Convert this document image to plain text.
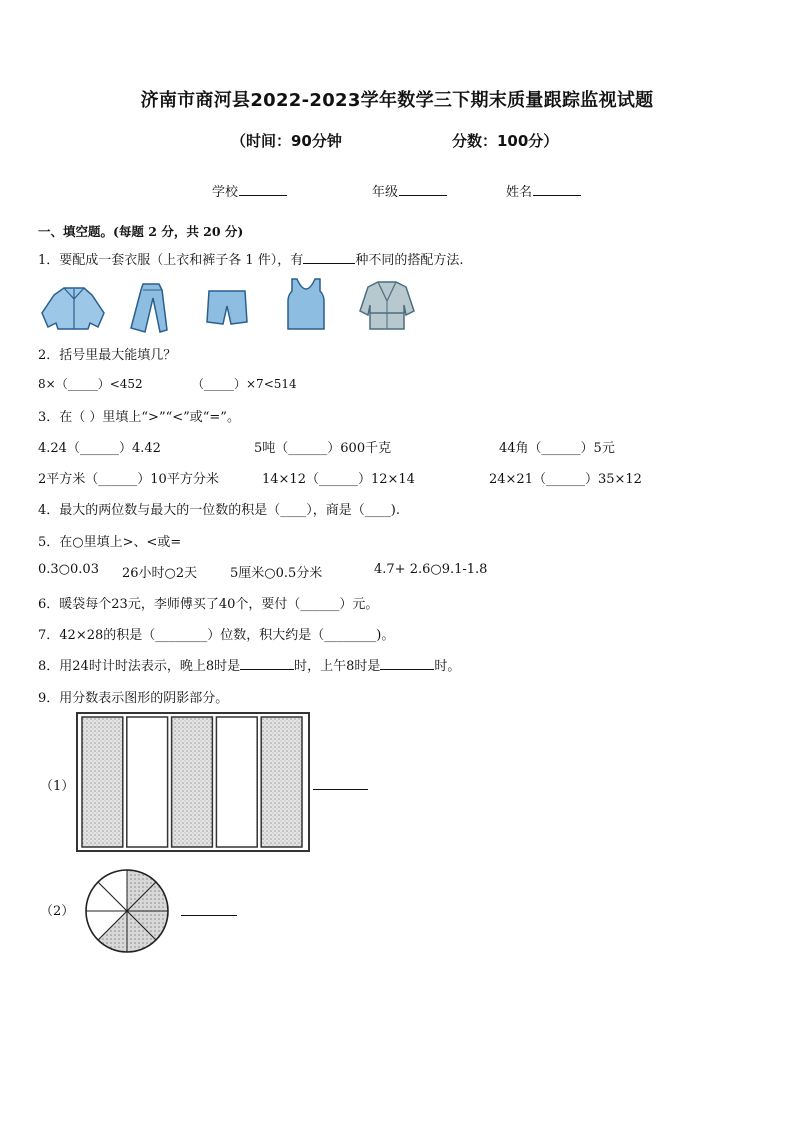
济南市商河县2022-2023学年数学三下期末质量跟踪监视试题
（时间：90分钟	分数：100分）
学校	年级	姓名
一、填空题。(每题 2 分，共 20 分)
1．要配成一套衣服（上衣和裤子各 1 件），有	种不同的搭配方法.
2．括号里最大能填几？
8×（_____）<452	（_____）×7<514
3．在（ ）里填上“>”“<”或“=”。
4.24（______）4.42	5吨（______）600千克	44角（______）5元
2平方米（______）10平方分米	14×12（______）12×14	24×21（______）35×12
4．最大的两位数与最大的一位数的积是（____），商是（____).
5．在○里填上>、<或=
0.3○0.03 26小时○2天	5厘米○0.5分米	4.7+ 2.6○9.1-1.8
6．暖袋每个23元，李师傅买了40个，要付（______）元。
7．42×28的积是（________）位数，积大约是（________)。
8．用24时计时法表示，晚上8时是	时，上午8时是	时。
9．用分数表示图形的阴影部分。
（1）
（2）
